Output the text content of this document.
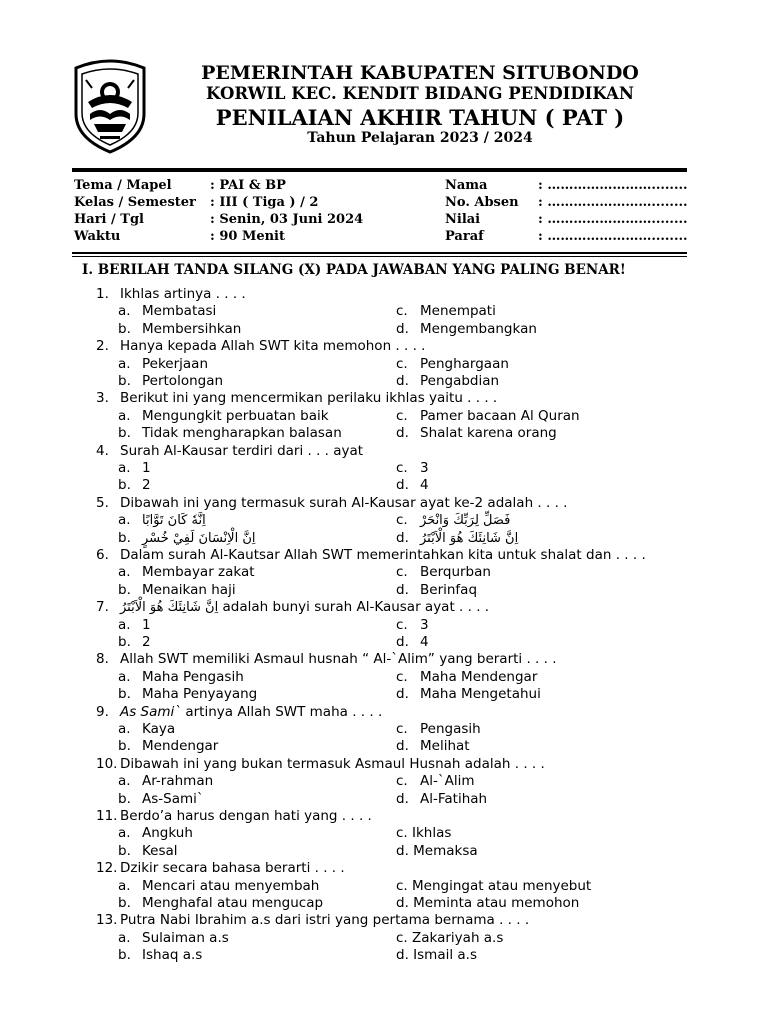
PEMERINTAH KABUPATEN SITUBONDO
KORWIL KEC. KENDIT BIDANG PENDIDIKAN
PENILAIAN AKHIR TAHUN ( PAT )
Tahun Pelajaran 2023 / 2024
Tema / Mapel	: PAI & BP
Kelas / Semester : III ( Tiga ) / 2
Hari / Tgl	: Senin, 03 Juni 2024
Waktu	: 90 Menit
Nama	: ……………………........
No. Absen : ……………………........
Nilai	: ……………………........
Paraf	: ……………………........
I. BERILAH TANDA SILANG (X) PADA JAWABAN YANG PALING BENAR!
1. Ikhlas artinya . . . .
a. Membatasi
b. Membersihkan
c. Menempati
d. Mengembangkan
2. Hanya kepada Allah SWT kita memohon . . . .
a. Pekerjaan
b. Pertolongan
c. Penghargaan
d. Pengabdian
3. Berikut ini yang mencermikan perilaku ikhlas yaitu . . . .
a. Mengungkit perbuatan baik
b. Tidak mengharapkan balasan
c. Pamer bacaan Al Quran
d. Shalat karena orang
4. Surah Al-Kausar terdiri dari . . . ayat
a. 1
b. 2
c. 3
d. 4
5. Dibawah ini yang termasuk surah Al-Kausar ayat ke-2 adalah . . . .
a. اِنَّهٗ كَانَ تَوَّابًا
b. اِنَّ الْاِنْسَانَ لَفِيْ خُسْرٍ
c. فَصَلِّ لِرَبِّكَ وَانْحَرْ
d. اِنَّ شَانِئَكَ هُوَ الْاَبْتَرُ
6. Dalam surah Al-Kautsar Allah SWT memerintahkan kita untuk shalat dan . . . .
a. Membayar zakat
b. Menaikan haji
c. Berqurban
d. Berinfaq
7. اِنَّ شَانِئَكَ هُوَ الْاَبْتَرُ adalah bunyi surah Al-Kausar ayat . . . .
a. 1
b. 2
c. 3
d. 4
8. Allah SWT memiliki Asmaul husnah “ Al-`Alim” yang berarti . . . .
a. Maha Pengasih
b. Maha Penyayang
c. Maha Mendengar
d. Maha Mengetahui
9. As Sami` artinya Allah SWT maha . . . .
a. Kaya
b. Mendengar
c. Pengasih
d. Melihat
10. Dibawah ini yang bukan termasuk Asmaul Husnah adalah . . . .
a. Ar-rahman
b. As-Sami`
c. Al-`Alim
d. Al-Fatihah
11. Berdo’a harus dengan hati yang . . . .
a. Angkuh
b. Kesal
c. Ikhlas
d. Memaksa
12. Dzikir secara bahasa berarti . . . .
a. Mencari atau menyembah
b. Menghafal atau mengucap
c. Mengingat atau menyebut
d. Meminta atau memohon
13. Putra Nabi Ibrahim a.s dari istri yang pertama bernama . . . .
a. Sulaiman a.s
b. Ishaq a.s
c. Zakariyah a.s
d. Ismail a.s
